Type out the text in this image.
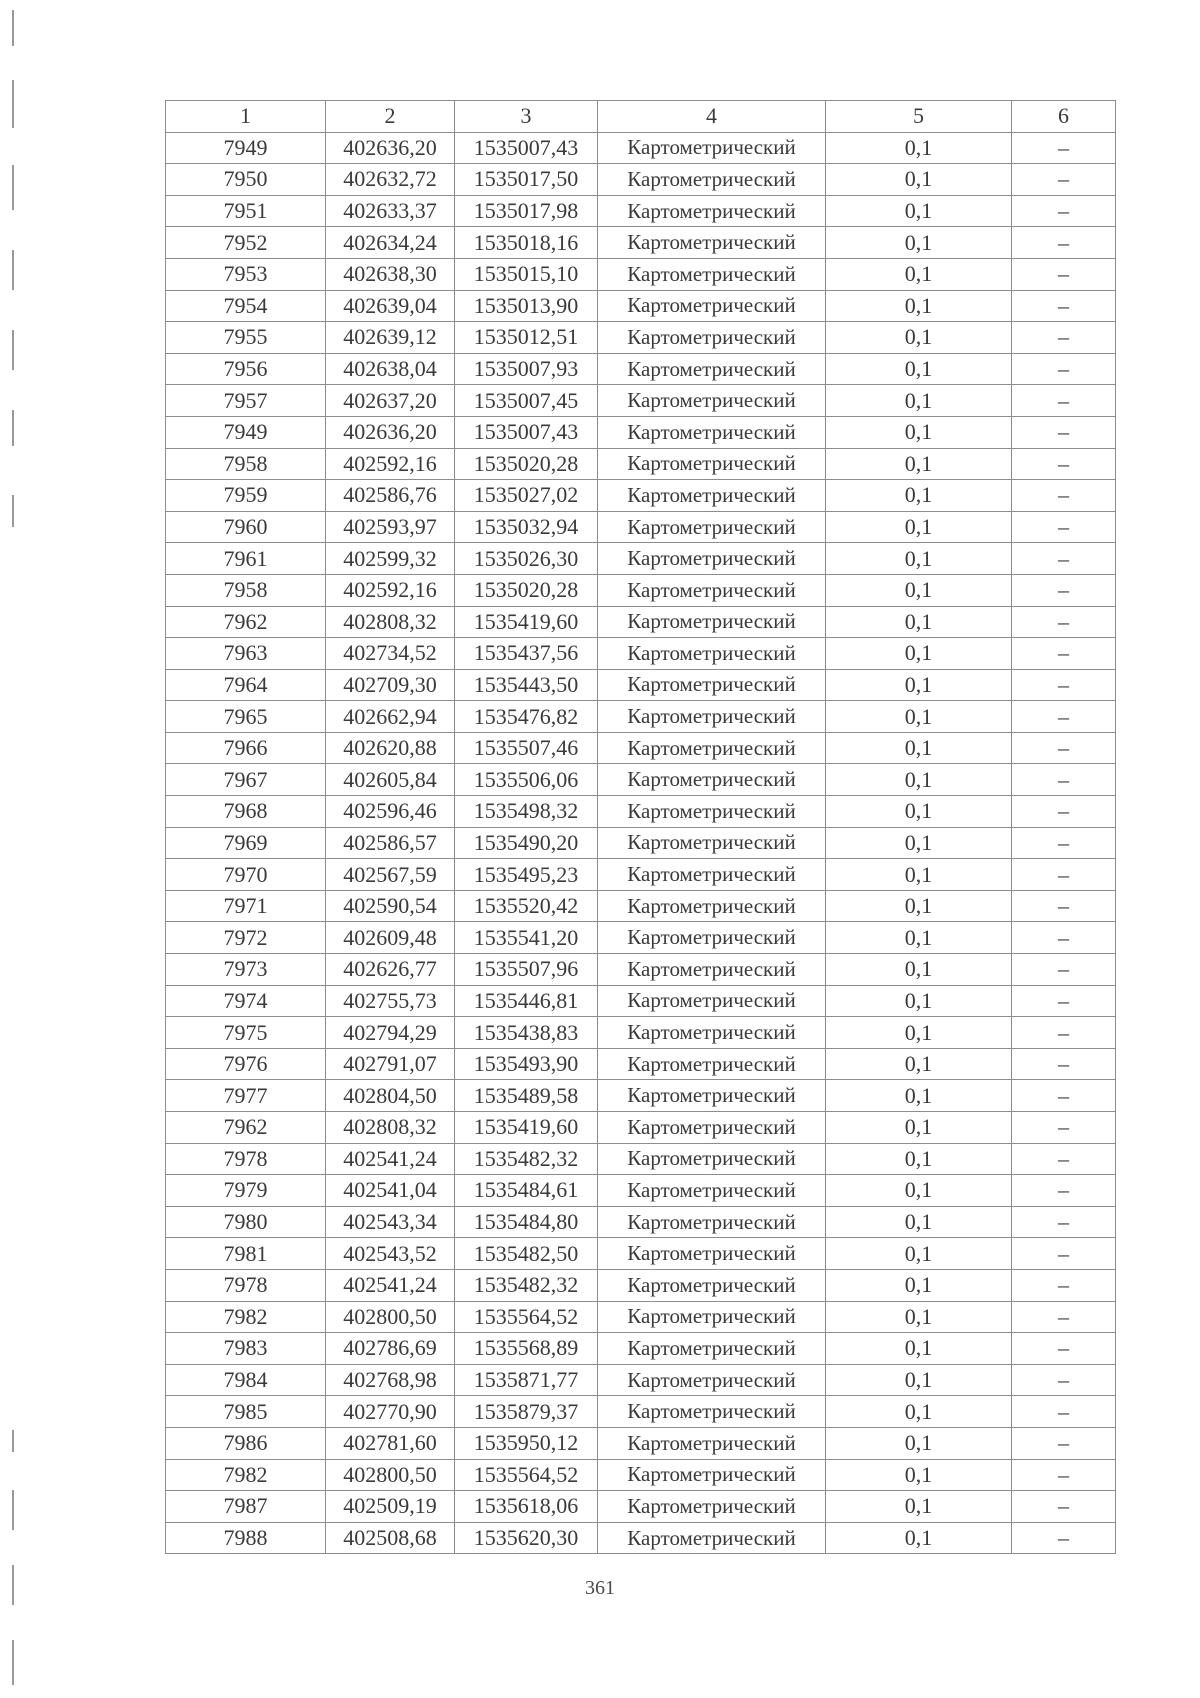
1	2	3	4	5	6
7949	402636,20	1535007,43	Картометрический	0,1	–
7950	402632,72	1535017,50	Картометрический	0,1	–
7951	402633,37	1535017,98	Картометрический	0,1	–
7952	402634,24	1535018,16	Картометрический	0,1	–
7953	402638,30	1535015,10	Картометрический	0,1	–
7954	402639,04	1535013,90	Картометрический	0,1	–
7955	402639,12	1535012,51	Картометрический	0,1	–
7956	402638,04	1535007,93	Картометрический	0,1	–
7957	402637,20	1535007,45	Картометрический	0,1	–
7949	402636,20	1535007,43	Картометрический	0,1	–
7958	402592,16	1535020,28	Картометрический	0,1	–
7959	402586,76	1535027,02	Картометрический	0,1	–
7960	402593,97	1535032,94	Картометрический	0,1	–
7961	402599,32	1535026,30	Картометрический	0,1	–
7958	402592,16	1535020,28	Картометрический	0,1	–
7962	402808,32	1535419,60	Картометрический	0,1	–
7963	402734,52	1535437,56	Картометрический	0,1	–
7964	402709,30	1535443,50	Картометрический	0,1	–
7965	402662,94	1535476,82	Картометрический	0,1	–
7966	402620,88	1535507,46	Картометрический	0,1	–
7967	402605,84	1535506,06	Картометрический	0,1	–
7968	402596,46	1535498,32	Картометрический	0,1	–
7969	402586,57	1535490,20	Картометрический	0,1	–
7970	402567,59	1535495,23	Картометрический	0,1	–
7971	402590,54	1535520,42	Картометрический	0,1	–
7972	402609,48	1535541,20	Картометрический	0,1	–
7973	402626,77	1535507,96	Картометрический	0,1	–
7974	402755,73	1535446,81	Картометрический	0,1	–
7975	402794,29	1535438,83	Картометрический	0,1	–
7976	402791,07	1535493,90	Картометрический	0,1	–
7977	402804,50	1535489,58	Картометрический	0,1	–
7962	402808,32	1535419,60	Картометрический	0,1	–
7978	402541,24	1535482,32	Картометрический	0,1	–
7979	402541,04	1535484,61	Картометрический	0,1	–
7980	402543,34	1535484,80	Картометрический	0,1	–
7981	402543,52	1535482,50	Картометрический	0,1	–
7978	402541,24	1535482,32	Картометрический	0,1	–
7982	402800,50	1535564,52	Картометрический	0,1	–
7983	402786,69	1535568,89	Картометрический	0,1	–
7984	402768,98	1535871,77	Картометрический	0,1	–
7985	402770,90	1535879,37	Картометрический	0,1	–
7986	402781,60	1535950,12	Картометрический	0,1	–
7982	402800,50	1535564,52	Картометрический	0,1	–
7987	402509,19	1535618,06	Картометрический	0,1	–
7988	402508,68	1535620,30	Картометрический	0,1	–
361
